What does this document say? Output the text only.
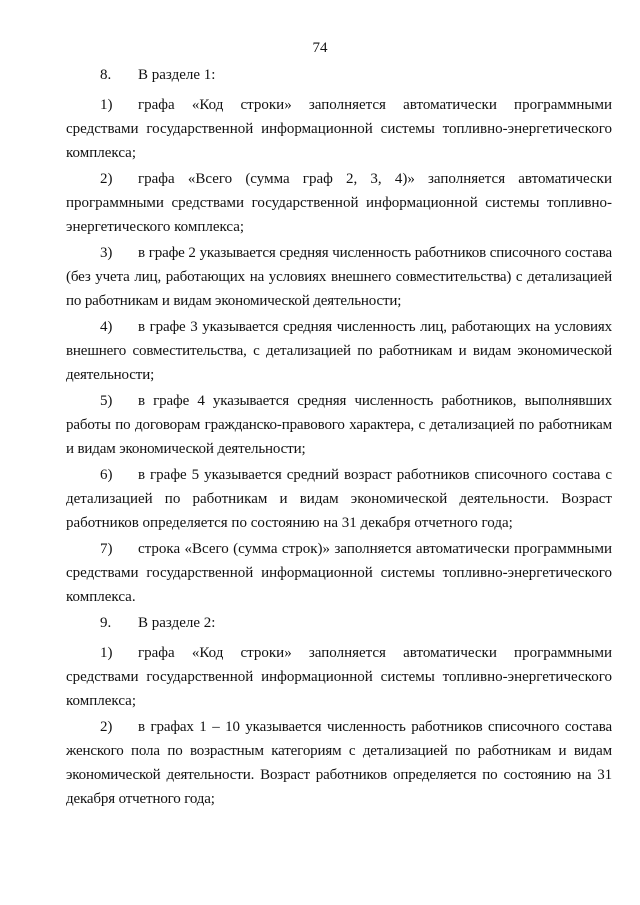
74

8. В разделе 1:

1) графа «Код строки» заполняется автоматически программными средствами государственной информационной системы топливно-энергетического комплекса;

2) графа «Всего (сумма граф 2, 3, 4)» заполняется автоматически программными средствами государственной информационной системы топливно-энергетического комплекса;

3) в графе 2 указывается средняя численность работников списочного состава (без учета лиц, работающих на условиях внешнего совместительства) с детализацией по работникам и видам экономической деятельности;

4) в графе 3 указывается средняя численность лиц, работающих на условиях внешнего совместительства, с детализацией по работникам и видам экономической деятельности;

5) в графе 4 указывается средняя численность работников, выполнявших работы по договорам гражданско-правового характера, с детализацией по работникам и видам экономической деятельности;

6) в графе 5 указывается средний возраст работников списочного состава с детализацией по работникам и видам экономической деятельности. Возраст работников определяется по состоянию на 31 декабря отчетного года;

7) строка «Всего (сумма строк)» заполняется автоматически программными средствами государственной информационной системы топливно-энергетического комплекса.

9. В разделе 2:

1) графа «Код строки» заполняется автоматически программными средствами государственной информационной системы топливно-энергетического комплекса;

2) в графах 1 – 10 указывается численность работников списочного состава женского пола по возрастным категориям с детализацией по работникам и видам экономической деятельности. Возраст работников определяется по состоянию на 31 декабря отчетного года;
